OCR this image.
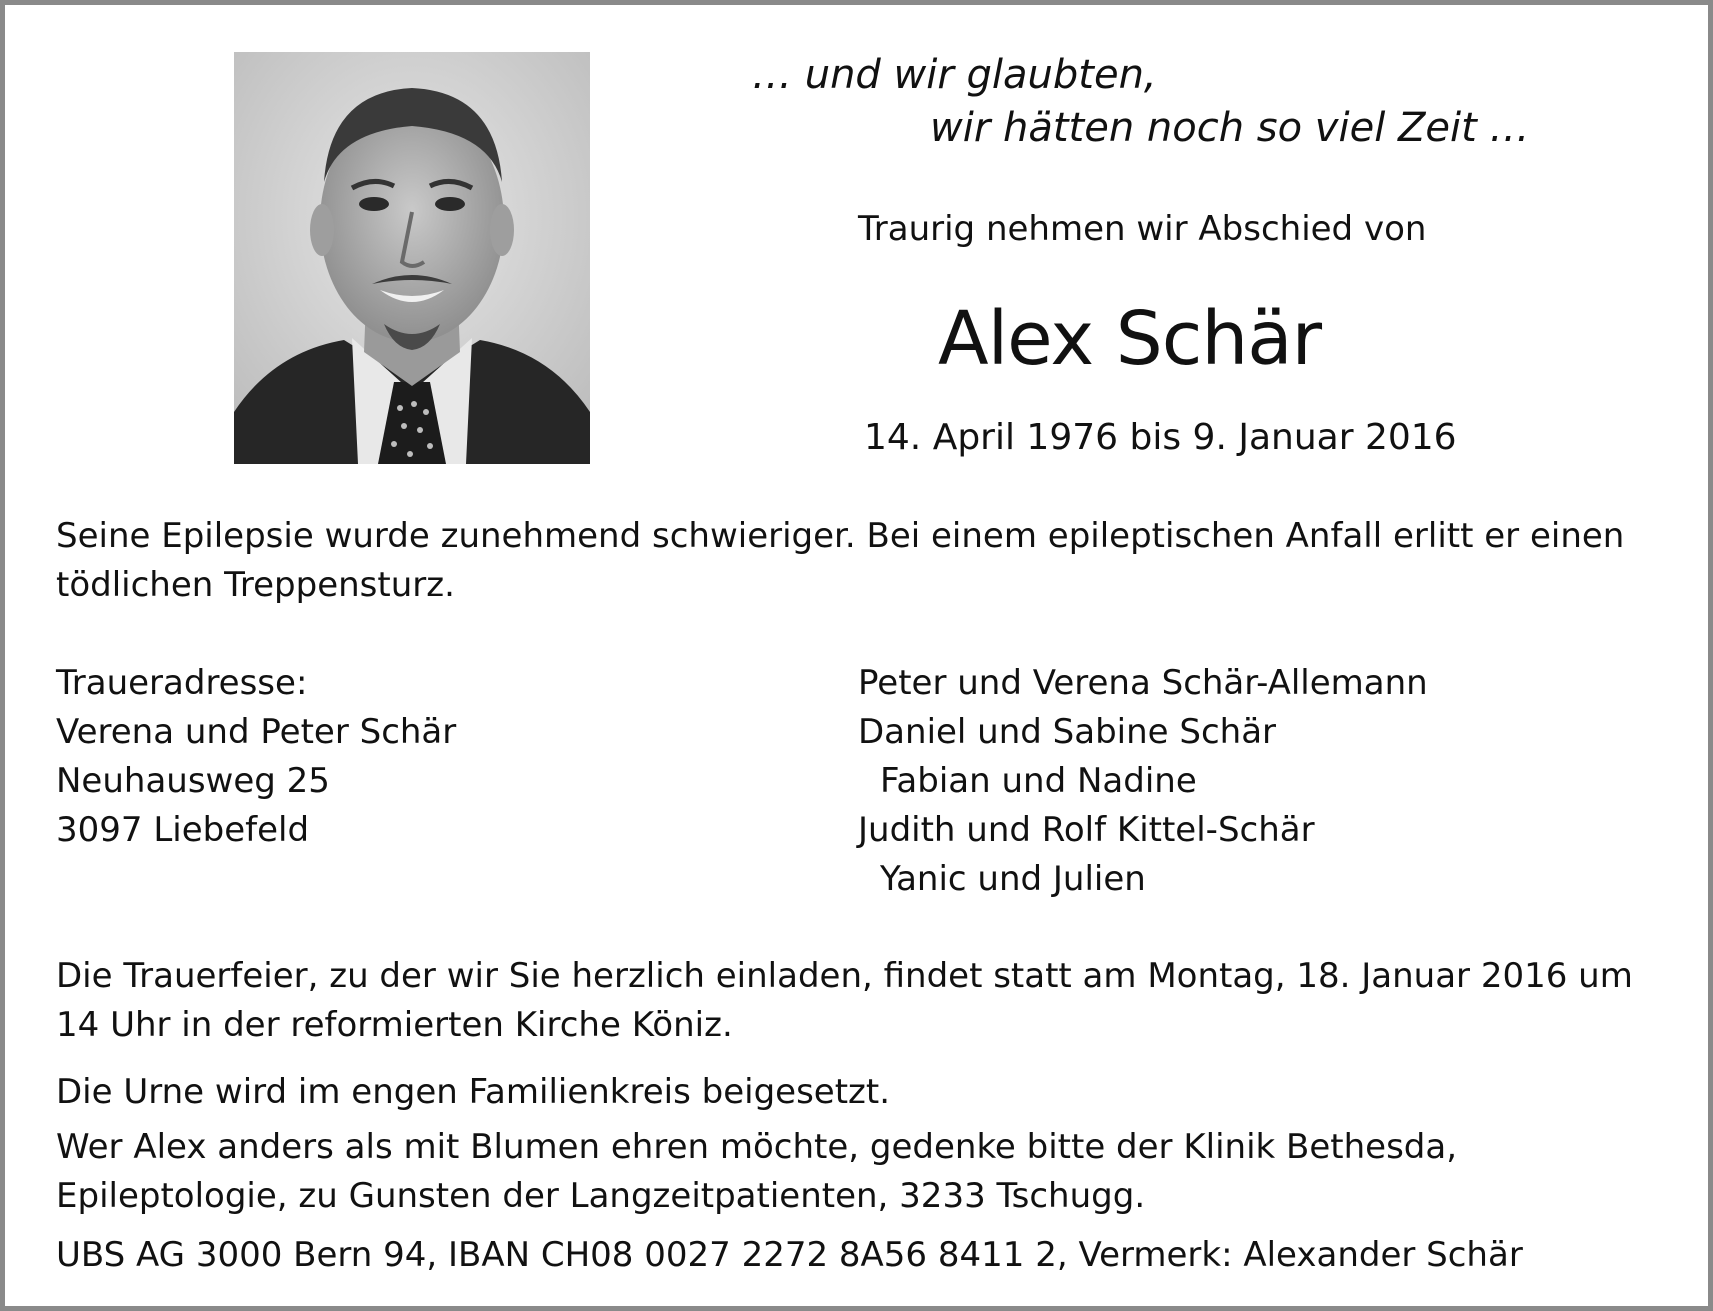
… und wir glaubten,
wir hätten noch so viel Zeit …
Traurig nehmen wir Abschied von
Alex Schär
14. April 1976 bis 9. Januar 2016
Seine Epilepsie wurde zunehmend schwieriger. Bei einem epileptischen Anfall erlitt er einen tödlichen Treppensturz.
Traueradresse:
Verena und Peter Schär
Neuhausweg 25
3097 Liebefeld
Peter und Verena Schär-Allemann
Daniel und Sabine Schär
Fabian und Nadine
Judith und Rolf Kittel-Schär
Yanic und Julien
Die Trauerfeier, zu der wir Sie herzlich einladen, findet statt am Montag, 18. Januar 2016 um 14 Uhr in der reformierten Kirche Köniz.
Die Urne wird im engen Familienkreis beigesetzt.
Wer Alex anders als mit Blumen ehren möchte, gedenke bitte der Klinik Bethesda, Epileptologie, zu Gunsten der Langzeitpatienten, 3233 Tschugg.
UBS AG 3000 Bern 94, IBAN CH08 0027 2272 8A56 8411 2, Vermerk: Alexander Schär
